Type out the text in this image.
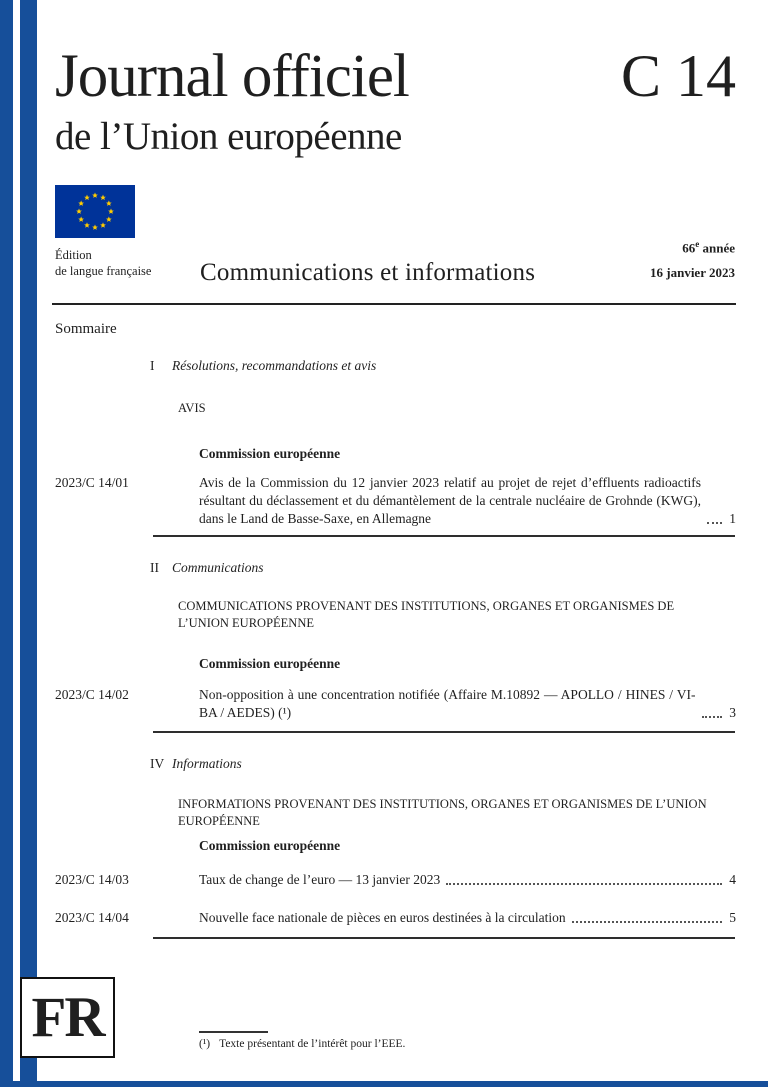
Journal officiel	C 14
de l’Union européenne
Édition
de langue française Communications et informations
66e année
16 janvier 2023
Sommaire
I Résolutions, recommandations et avis
AVIS
Commission européenne
2023/C 14/01	Avis de la Commission du 12 janvier 2023 relatif au projet de rejet d’effluents radioactifs résultant du déclassement et du démantèlement de la centrale nucléaire de Grohnde (KWG), dans le Land de Basse-Saxe, en Allemagne	1
II Communications
COMMUNICATIONS PROVENANT DES INSTITUTIONS, ORGANES ET ORGANISMES DE L’UNION EUROPÉENNE
Commission européenne
2023/C 14/02	Non-opposition à une concentration notifiée (Affaire M.10892 — APOLLO / HINES / VI-BA / AEDES) (¹)	3
IV Informations
INFORMATIONS PROVENANT DES INSTITUTIONS, ORGANES ET ORGANISMES DE L’UNION EUROPÉENNE
Commission européenne
2023/C 14/03	Taux de change de l’euro — 13 janvier 2023	4
2023/C 14/04	Nouvelle face nationale de pièces en euros destinées à la circulation	5
FR	(¹) Texte présentant de l’intérêt pour l’EEE.
